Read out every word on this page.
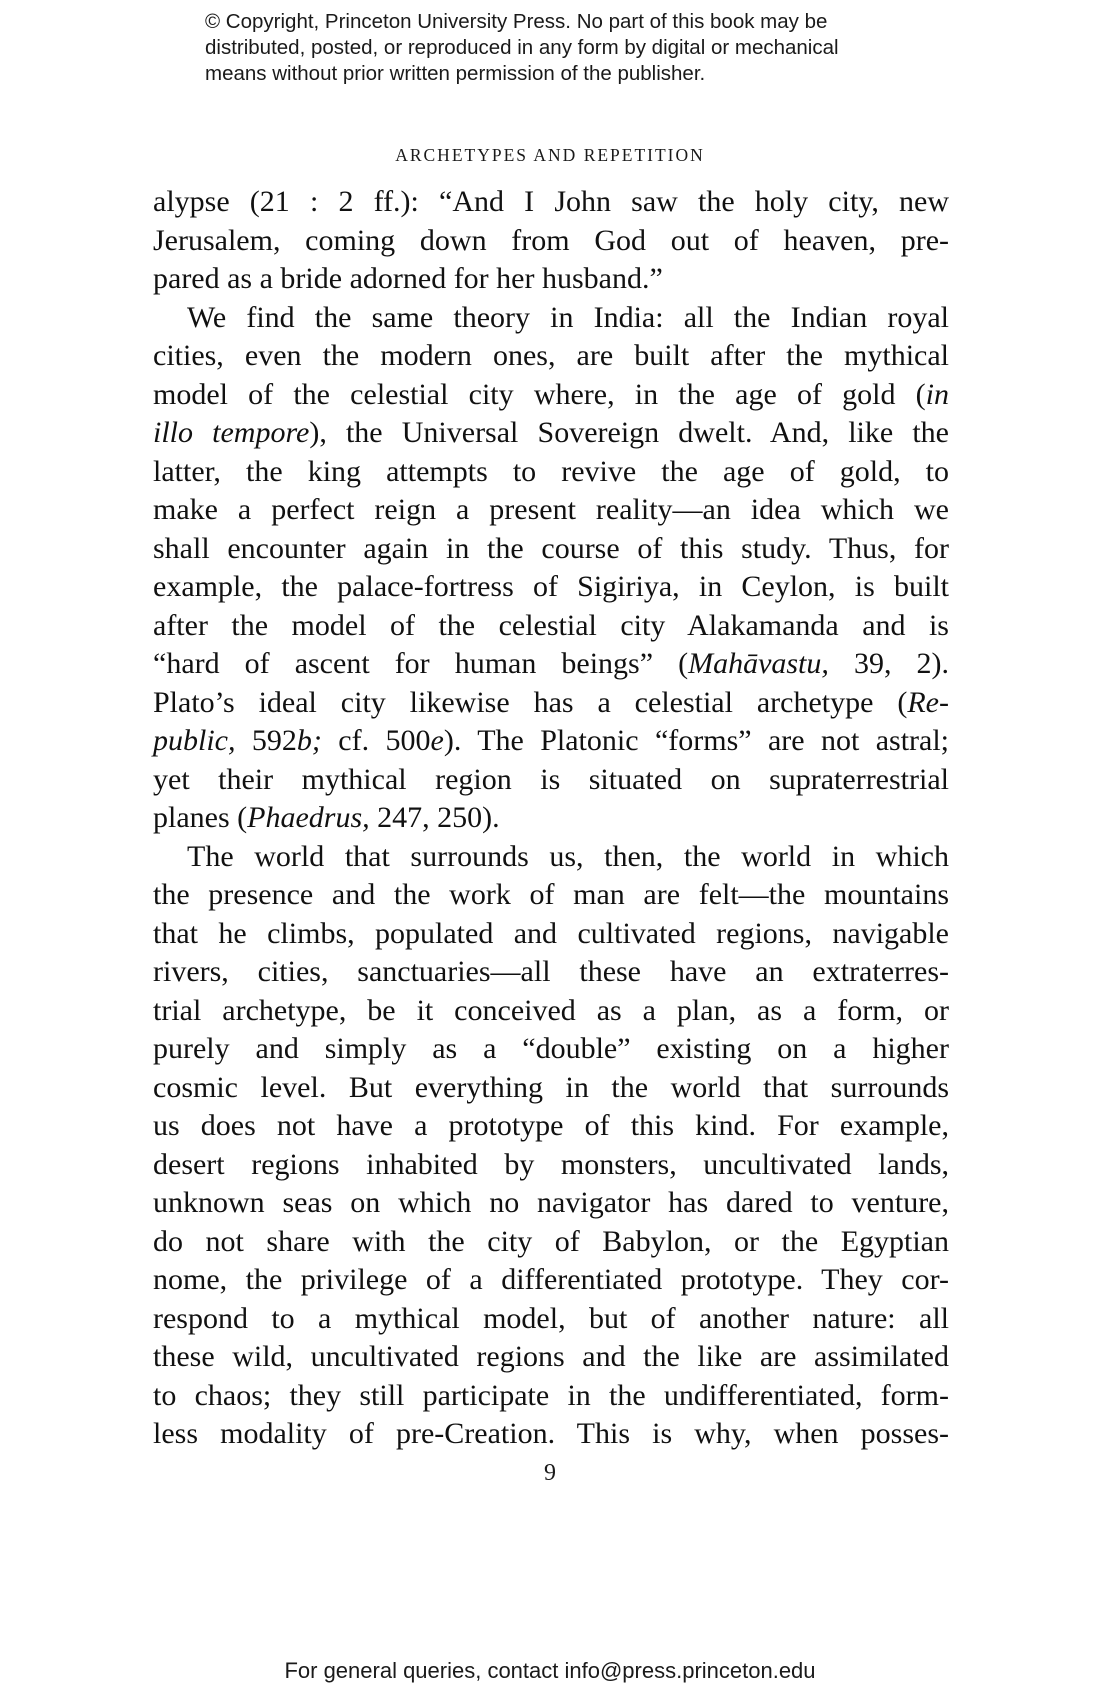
© Copyright, Princeton University Press. No part of this book may be
distributed, posted, or reproduced in any form by digital or mechanical
means without prior written permission of the publisher.
ARCHETYPES AND REPETITION
alypse (21 : 2 ff.): “And I John saw the holy city, new
Jerusalem, coming down from God out of heaven, pre-
pared as a bride adorned for her husband.”
We find the same theory in India: all the Indian royal
cities, even the modern ones, are built after the mythical
model of the celestial city where, in the age of gold (in
illo tempore), the Universal Sovereign dwelt. And, like the
latter, the king attempts to revive the age of gold, to
make a perfect reign a present reality—an idea which we
shall encounter again in the course of this study. Thus, for
example, the palace-fortress of Sigiriya, in Ceylon, is built
after the model of the celestial city Alakamanda and is
“hard of ascent for human beings” (Mahāvastu, 39, 2).
Plato’s ideal city likewise has a celestial archetype (Re-
public, 592b; cf. 500e). The Platonic “forms” are not astral;
yet their mythical region is situated on supraterrestrial
planes (Phaedrus, 247, 250).
The world that surrounds us, then, the world in which
the presence and the work of man are felt—the mountains
that he climbs, populated and cultivated regions, navigable
rivers, cities, sanctuaries—all these have an extraterres-
trial archetype, be it conceived as a plan, as a form, or
purely and simply as a “double” existing on a higher
cosmic level. But everything in the world that surrounds
us does not have a prototype of this kind. For example,
desert regions inhabited by monsters, uncultivated lands,
unknown seas on which no navigator has dared to venture,
do not share with the city of Babylon, or the Egyptian
nome, the privilege of a differentiated prototype. They cor-
respond to a mythical model, but of another nature: all
these wild, uncultivated regions and the like are assimilated
to chaos; they still participate in the undifferentiated, form-
less modality of pre-Creation. This is why, when posses-
9
For general queries, contact info@press.princeton.edu
